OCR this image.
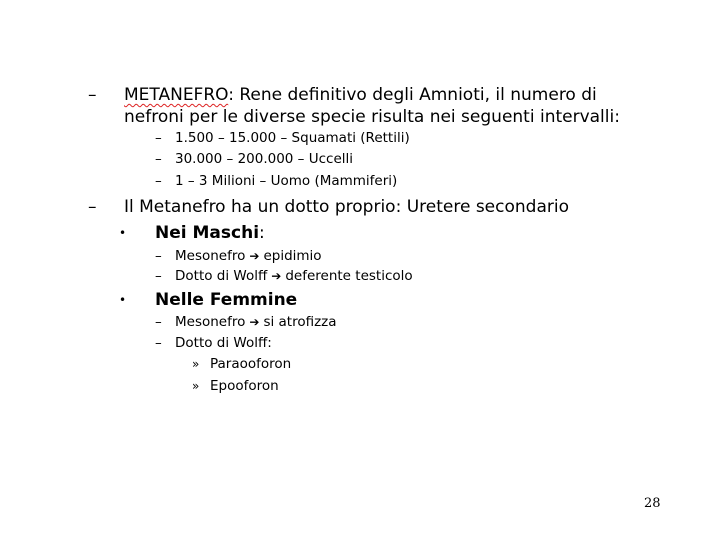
– METANEFRO: Rene definitivo degli Amnioti, il numero di
nefroni per le diverse specie risulta nei seguenti intervalli:
– 1.500 – 15.000 – Squamati (Rettili)
– 30.000 – 200.000 – Uccelli
– 1 – 3 Milioni – Uomo (Mammiferi)
– Il Metanefro ha un dotto proprio: Uretere secondario
• Nei Maschi:
– Mesonefro ➔ epidimio
– Dotto di Wolff ➔ deferente testicolo
• Nelle Femmine
– Mesonefro ➔ si atrofizza
– Dotto di Wolff:
» Paraooforon
» Epooforon
28
